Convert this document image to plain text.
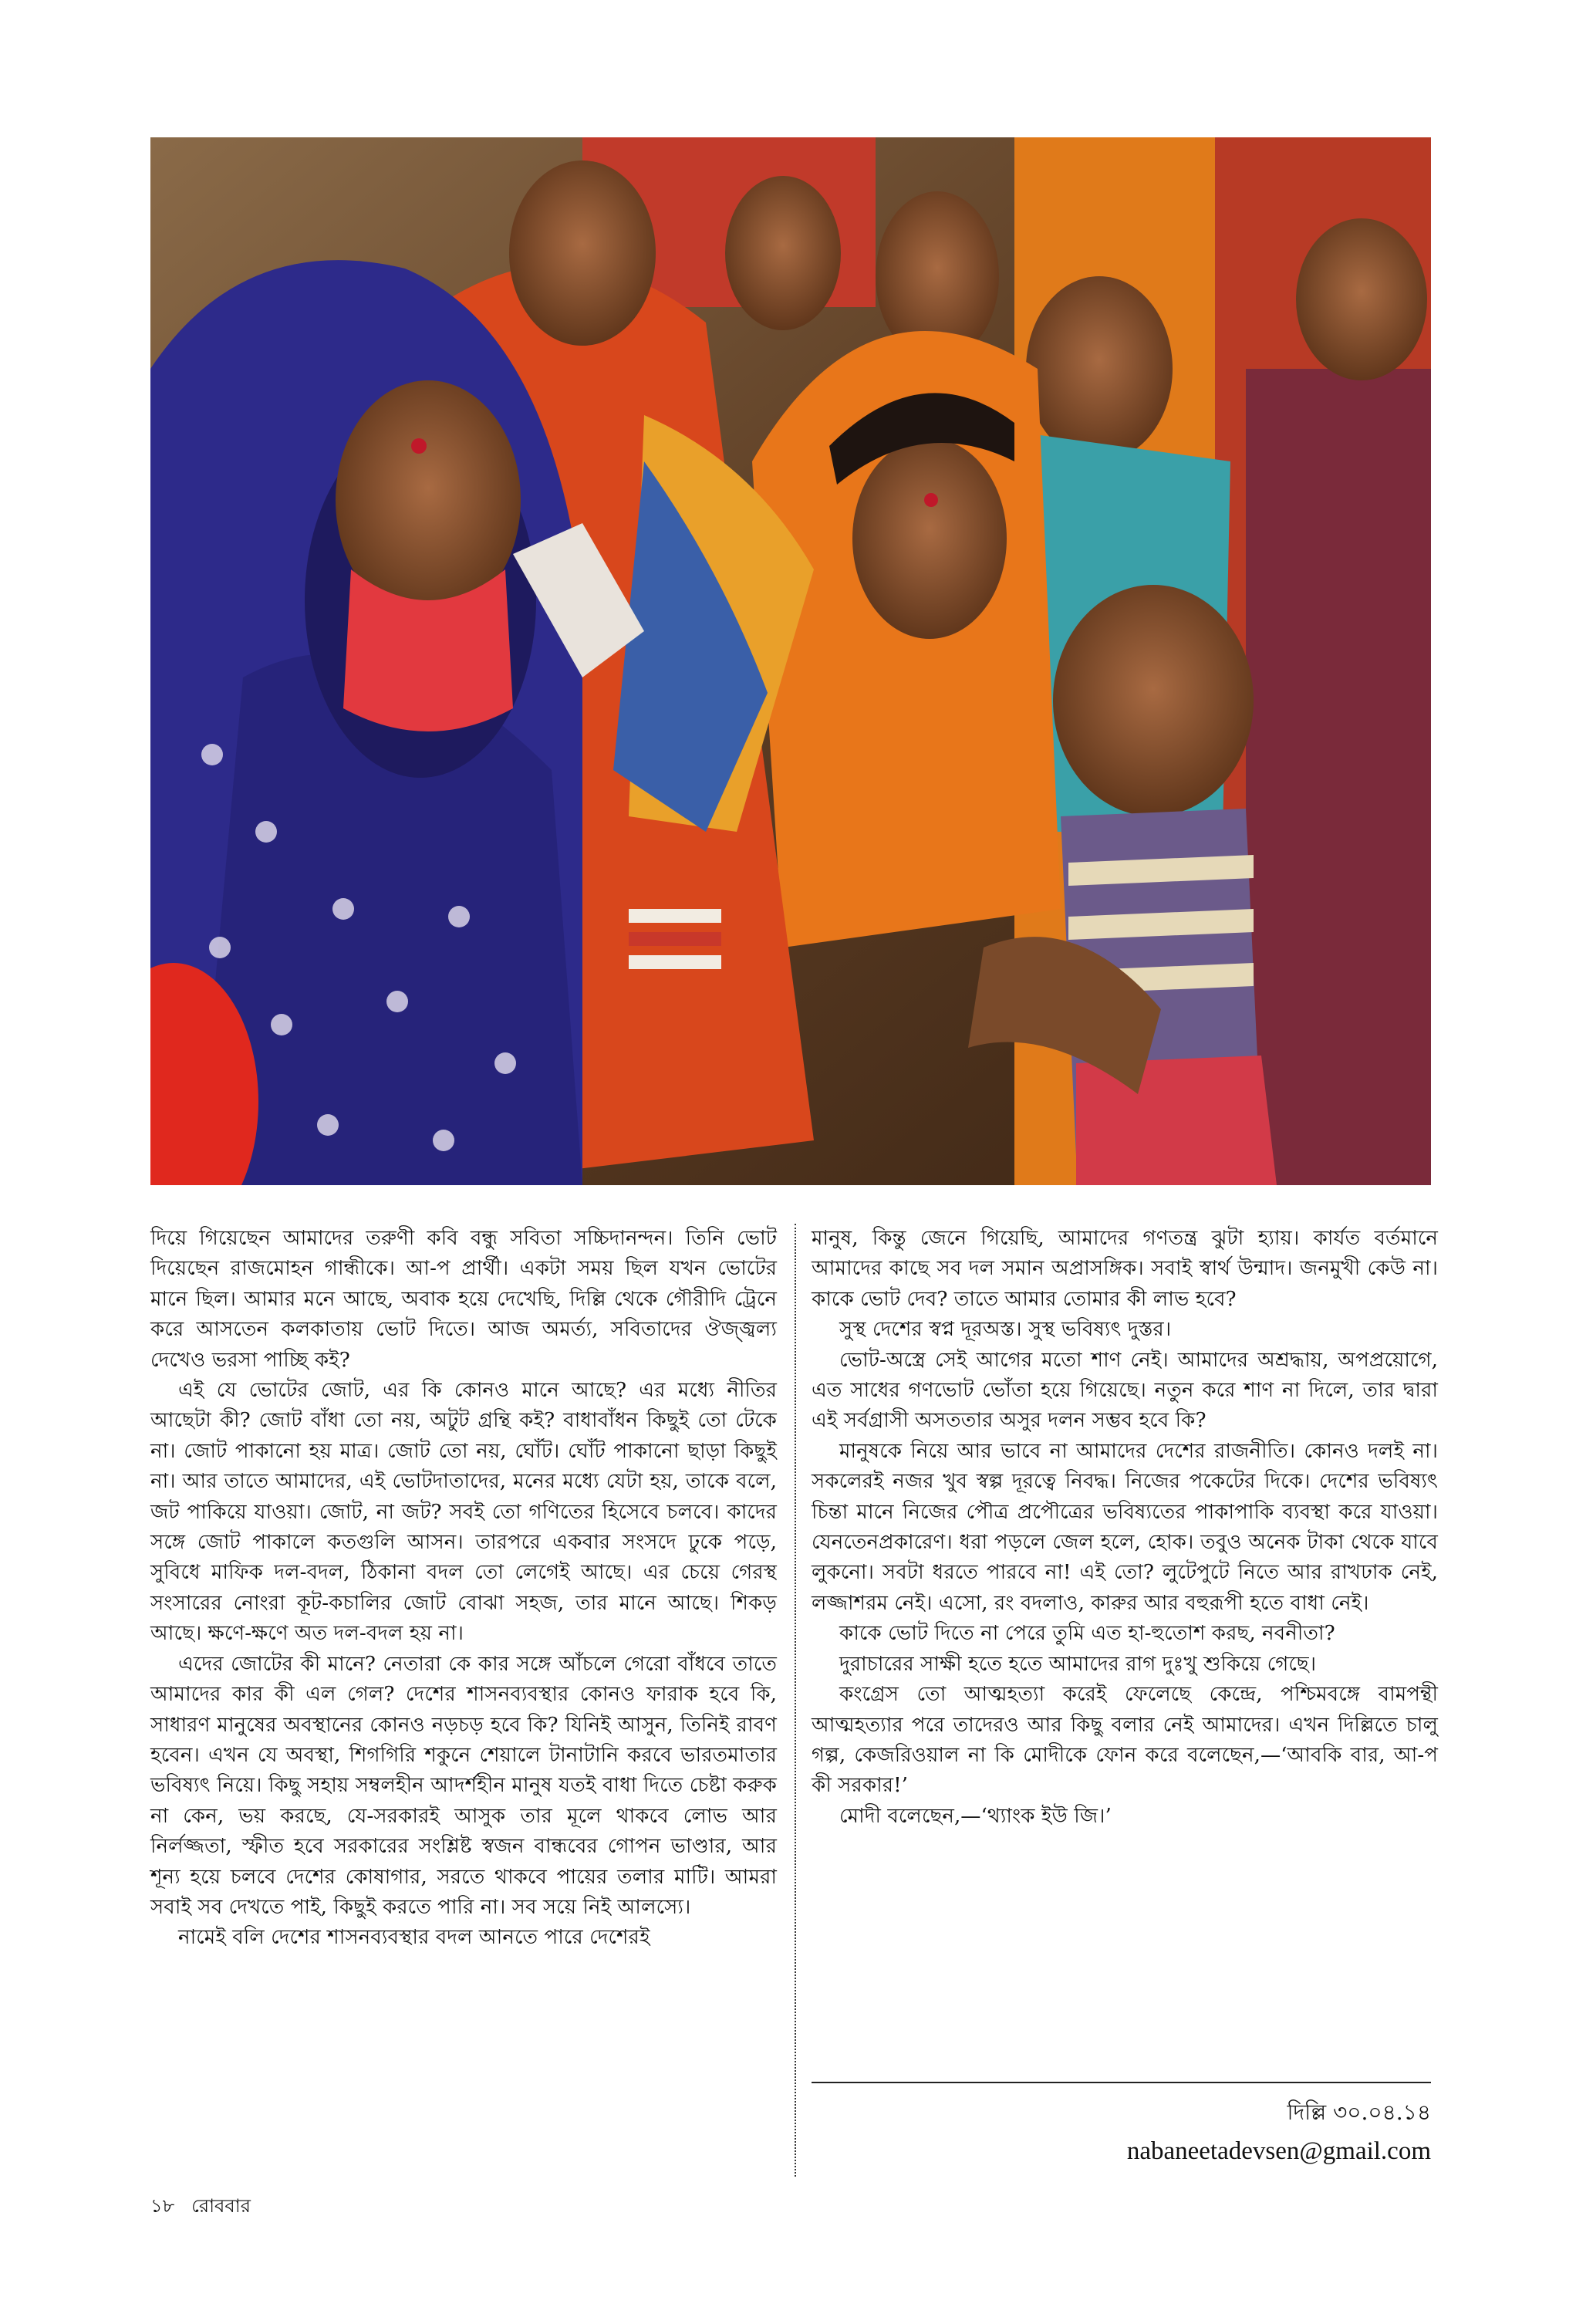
দিয়ে গিয়েছেন আমাদের তরুণী কবি বন্ধু সবিতা সচ্চিদানন্দন। তিনি ভোট দিয়েছেন রাজমোহন গান্ধীকে। আ-প প্রার্থী। একটা সময় ছিল যখন ভোটের মানে ছিল। আমার মনে আছে, অবাক হয়ে দেখেছি, দিল্লি থেকে গৌরীদি ট্রেনে করে আসতেন কলকাতায় ভোট দিতে। আজ অমর্ত্য, সবিতাদের ঔজ্জ্বল্য দেখেও ভরসা পাচ্ছি কই?

এই যে ভোটের জোট, এর কি কোনও মানে আছে? এর মধ্যে নীতির আছেটা কী? জোট বাঁধা তো নয়, অটুট গ্রন্থি কই? বাধাবাঁধন কিছুই তো টেকে না। জোট পাকানো হয় মাত্র। জোট তো নয়, ঘোঁট। ঘোঁট পাকানো ছাড়া কিছুই না। আর তাতে আমাদের, এই ভোটদাতাদের, মনের মধ্যে যেটা হয়, তাকে বলে, জট পাকিয়ে যাওয়া। জোট, না জট? সবই তো গণিতের হিসেবে চলবে। কাদের সঙ্গে জোট পাকালে কতগুলি আসন। তারপরে একবার সংসদে ঢুকে পড়ে, সুবিধে মাফিক দল-বদল, ঠিকানা বদল তো লেগেই আছে। এর চেয়ে গেরস্থ সংসারের নোংরা কূট-কচালির জোট বোঝা সহজ, তার মানে আছে। শিকড় আছে। ক্ষণে-ক্ষণে অত দল-বদল হয় না।

এদের জোটের কী মানে? নেতারা কে কার সঙ্গে আঁচলে গেরো বাঁধবে তাতে আমাদের কার কী এল গেল? দেশের শাসনব্যবস্থার কোনও ফারাক হবে কি, সাধারণ মানুষের অবস্থানের কোনও নড়চড় হবে কি? যিনিই আসুন, তিনিই রাবণ হবেন। এখন যে অবস্থা, শিগগিরি শকুনে শেয়ালে টানাটানি করবে ভারতমাতার ভবিষ্যৎ নিয়ে। কিছু সহায় সম্বলহীন আদর্শহীন মানুষ যতই বাধা দিতে চেষ্টা করুক না কেন, ভয় করছে, যে-সরকারই আসুক তার মূলে থাকবে লোভ আর নির্লজ্জতা, স্ফীত হবে সরকারের সংশ্লিষ্ট স্বজন বান্ধবের গোপন ভাণ্ডার, আর শূন্য হয়ে চলবে দেশের কোষাগার, সরতে থাকবে পায়ের তলার মাটি। আমরা সবাই সব দেখতে পাই, কিছুই করতে পারি না। সব সয়ে নিই আলস্যে।

নামেই বলি দেশের শাসনব্যবস্থার বদল আনতে পারে দেশেরই

মানুষ, কিন্তু জেনে গিয়েছি, আমাদের গণতন্ত্র ঝুটা হ্যায়। কার্যত বর্তমানে আমাদের কাছে সব দল সমান অপ্রাসঙ্গিক। সবাই স্বার্থ উন্মাদ। জনমুখী কেউ না। কাকে ভোট দেব? তাতে আমার তোমার কী লাভ হবে?

সুস্থ দেশের স্বপ্ন দূরঅস্ত। সুস্থ ভবিষ্যৎ দুস্তর।

ভোট-অস্ত্রে সেই আগের মতো শাণ নেই। আমাদের অশ্রদ্ধায়, অপপ্রয়োগে, এত সাধের গণভোট ভোঁতা হয়ে গিয়েছে। নতুন করে শাণ না দিলে, তার দ্বারা এই সর্বগ্রাসী অসততার অসুর দলন সম্ভব হবে কি?

মানুষকে নিয়ে আর ভাবে না আমাদের দেশের রাজনীতি। কোনও দলই না। সকলেরই নজর খুব স্বল্প দূরত্বে নিবদ্ধ। নিজের পকেটের দিকে। দেশের ভবিষ্যৎ চিন্তা মানে নিজের পৌত্র প্রপৌত্রের ভবিষ্যতের পাকাপাকি ব্যবস্থা করে যাওয়া। যেনতেনপ্রকারেণ। ধরা পড়লে জেল হলে, হোক। তবুও অনেক টাকা থেকে যাবে লুকনো। সবটা ধরতে পারবে না! এই তো? লুটেপুটে নিতে আর রাখঢাক নেই, লজ্জাশরম নেই। এসো, রং বদলাও, কারুর আর বহুরূপী হতে বাধা নেই।

কাকে ভোট দিতে না পেরে তুমি এত হা-হুতোশ করছ, নবনীতা?

দুরাচারের সাক্ষী হতে হতে আমাদের রাগ দুঃখু শুকিয়ে গেছে।

কংগ্রেস তো আত্মহত্যা করেই ফেলেছে কেন্দ্রে, পশ্চিমবঙ্গে বামপন্থী আত্মহত্যার পরে তাদেরও আর কিছু বলার নেই আমাদের। এখন দিল্লিতে চালু গল্প, কেজরিওয়াল না কি মোদীকে ফোন করে বলেছেন,—‘আবকি বার, আ-প কী সরকার!’

মোদী বলেছেন,—‘থ্যাংক ইউ জি।’

দিল্লি ৩০.০৪.১৪
nabaneetadevsen@gmail.com
১৮ রোববার
